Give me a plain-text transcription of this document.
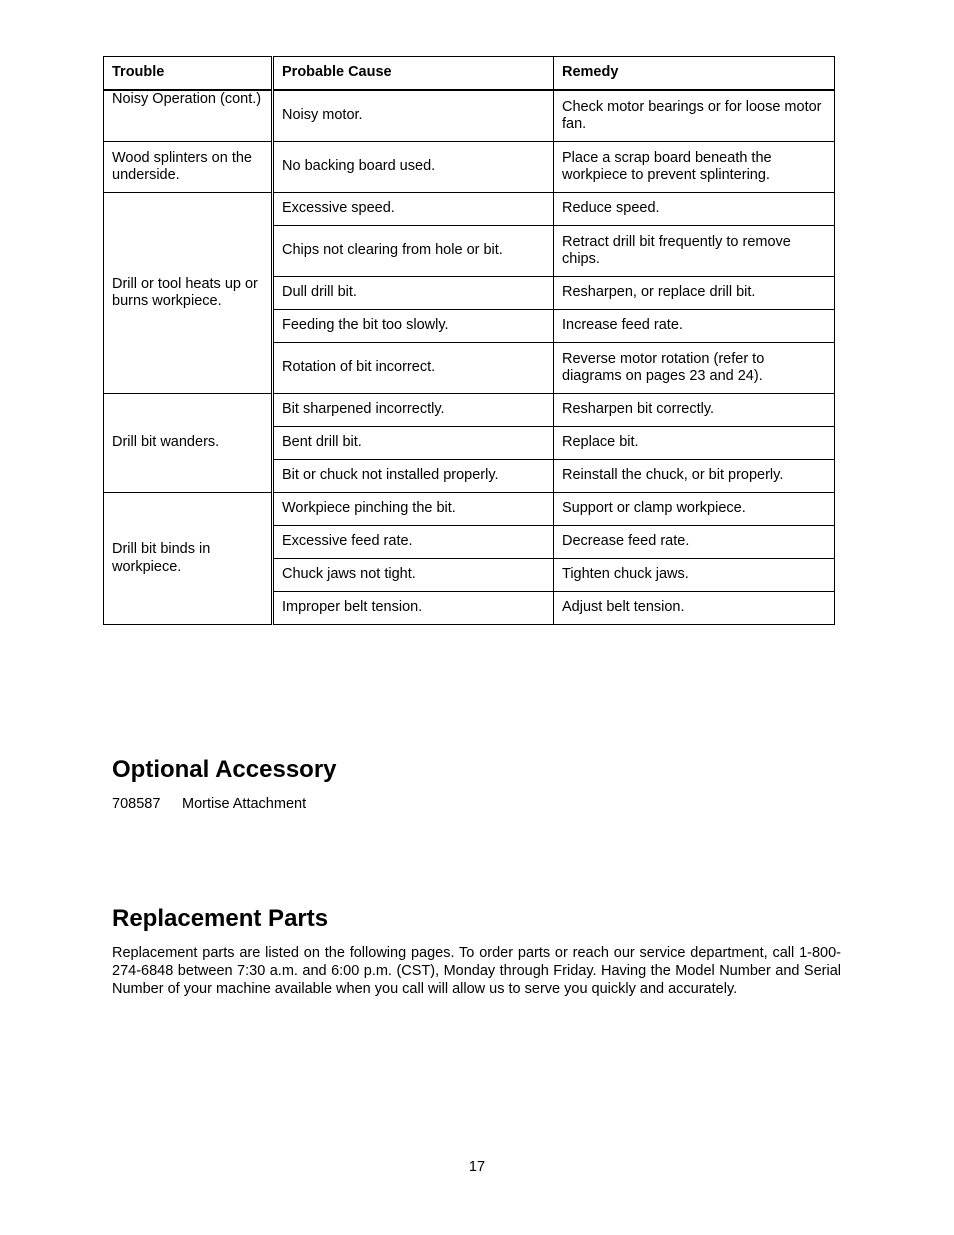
Trouble	Probable Cause	Remedy
Noisy Operation (cont.)	Noisy motor.	Check motor bearings or for loose motor fan.
Wood splinters on the underside.	No backing board used.	Place a scrap board beneath the workpiece to prevent splintering.
Drill or tool heats up or burns workpiece.	Excessive speed.	Reduce speed.
	Chips not clearing from hole or bit.	Retract drill bit frequently to remove chips.
	Dull drill bit.	Resharpen, or replace drill bit.
	Feeding the bit too slowly.	Increase feed rate.
	Rotation of bit incorrect.	Reverse motor rotation (refer to diagrams on pages 23 and 24).
Drill bit wanders.	Bit sharpened incorrectly.	Resharpen bit correctly.
	Bent drill bit.	Replace bit.
	Bit or chuck not installed properly.	Reinstall the chuck, or bit properly.
Drill bit binds in workpiece.	Workpiece pinching the bit.	Support or clamp workpiece.
	Excessive feed rate.	Decrease feed rate.
	Chuck jaws not tight.	Tighten chuck jaws.
	Improper belt tension.	Adjust belt tension.
Optional Accessory
708587 Mortise Attachment
Replacement Parts

Replacement parts are listed on the following pages. To order parts or reach our service department, call 1-800-274-6848 between 7:30 a.m. and 6:00 p.m. (CST), Monday through Friday. Having the Model Number and Serial Number of your machine available when you call will allow us to serve you quickly and accurately.

17
